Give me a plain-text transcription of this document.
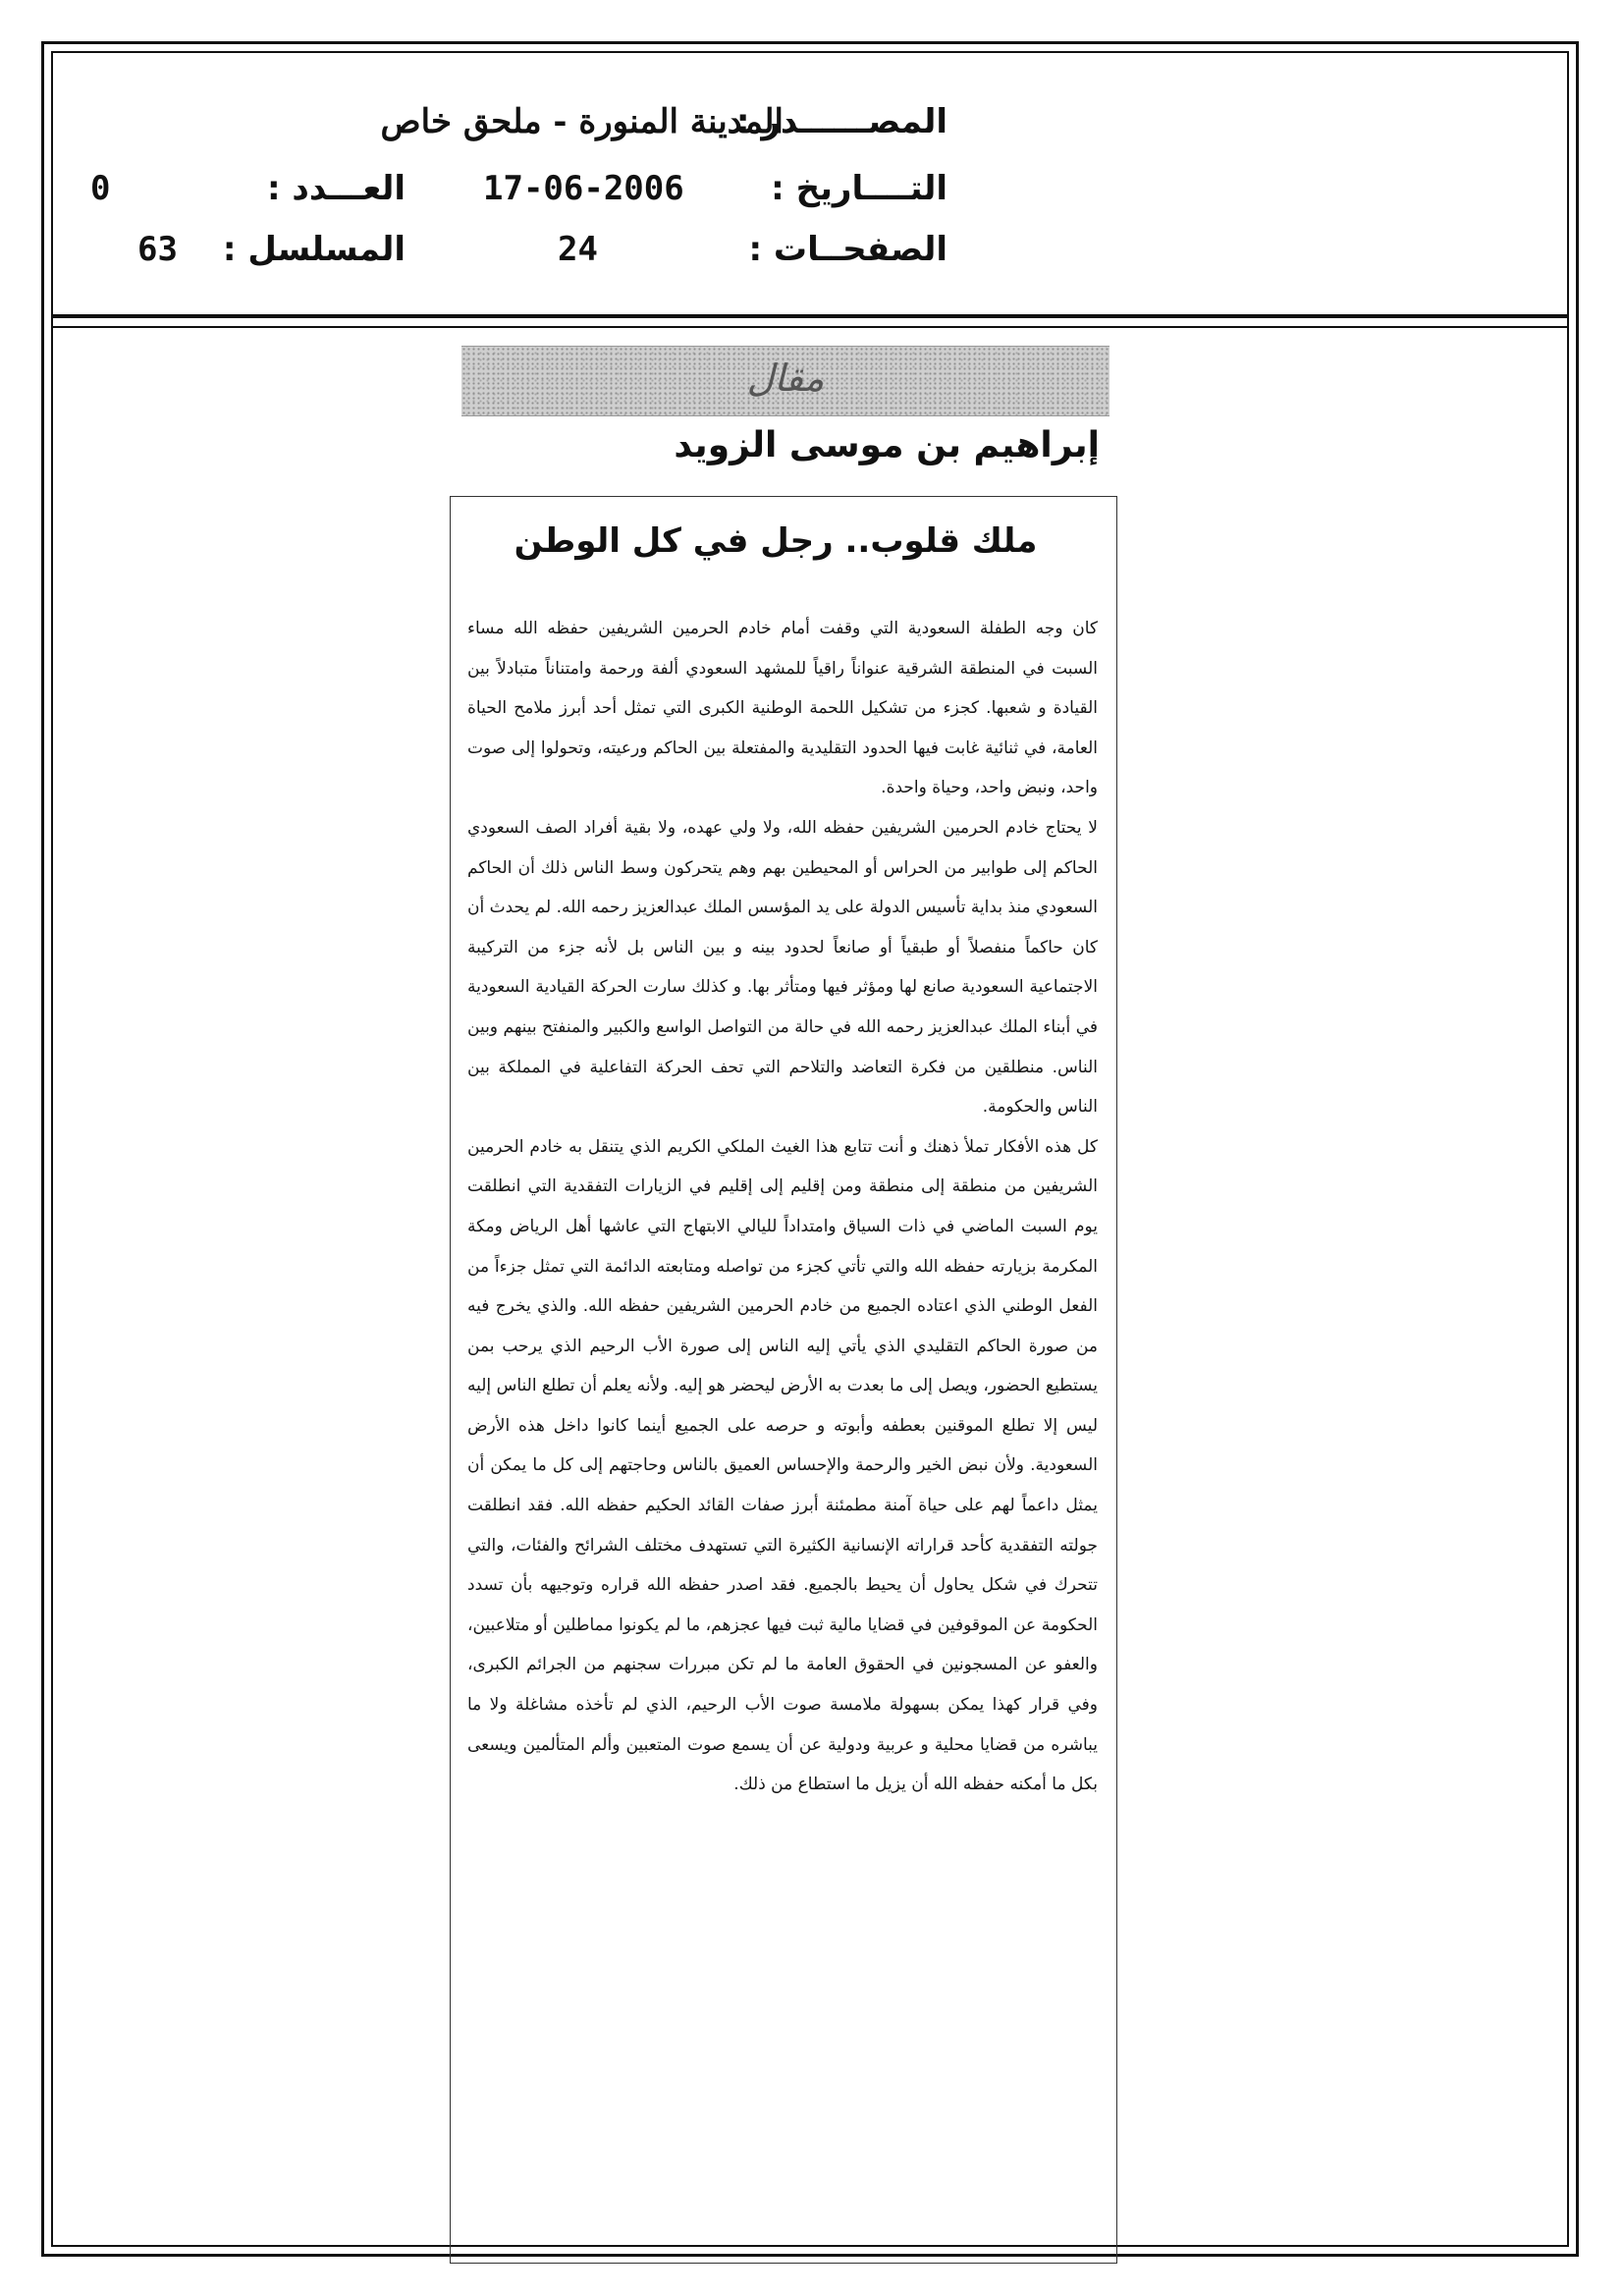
المصــــــدر :
المدينة المنورة - ملحق خاص
التــــاريخ :
17-06-2006
العـــدد :
0
الصفحــات :
24
المسلسل :
63
مقال
إبراهيم بن موسى الزويد
ملك قلوب.. رجل في كل الوطن

كان وجه الطفلة السعودية التي وقفت أمام خادم الحرمين الشريفين حفظه الله مساء السبت في المنطقة الشرقية عنواناً راقياً للمشهد السعودي ألفة ورحمة وامتناناً متبادلاً بين القيادة و شعبها. كجزء من تشكيل اللحمة الوطنية الكبرى التي تمثل أحد أبرز ملامح الحياة العامة، في ثنائية غابت فيها الحدود التقليدية والمفتعلة بين الحاكم ورعيته، وتحولوا إلى صوت واحد، ونبض واحد، وحياة واحدة.

لا يحتاج خادم الحرمين الشريفين حفظه الله، ولا ولي عهده، ولا بقية أفراد الصف السعودي الحاكم إلى طوابير من الحراس أو المحيطين بهم وهم يتحركون وسط الناس ذلك أن الحاكم السعودي منذ بداية تأسيس الدولة على يد المؤسس الملك عبدالعزيز رحمه الله. لم يحدث أن كان حاكماً منفصلاً أو طبقياً أو صانعاً لحدود بينه و بين الناس بل لأنه جزء من التركيبة الاجتماعية السعودية صانع لها ومؤثر فيها ومتأثر بها. و كذلك سارت الحركة القيادية السعودية في أبناء الملك عبدالعزيز رحمه الله في حالة من التواصل الواسع والكبير والمنفتح بينهم وبين الناس. منطلقين من فكرة التعاضد والتلاحم التي تحف الحركة التفاعلية في المملكة بين الناس والحكومة.

كل هذه الأفكار تملأ ذهنك و أنت تتابع هذا الغيث الملكي الكريم الذي يتنقل به خادم الحرمين الشريفين من منطقة إلى منطقة ومن إقليم إلى إقليم في الزيارات التفقدية التي انطلقت يوم السبت الماضي في ذات السياق وامتداداً لليالي الابتهاج التي عاشها أهل الرياض ومكة المكرمة بزيارته حفظه الله والتي تأتي كجزء من تواصله ومتابعته الدائمة التي تمثل جزءاً من الفعل الوطني الذي اعتاده الجميع من خادم الحرمين الشريفين حفظه الله. والذي يخرج فيه من صورة الحاكم التقليدي الذي يأتي إليه الناس إلى صورة الأب الرحيم الذي يرحب بمن يستطيع الحضور، ويصل إلى ما بعدت به الأرض ليحضر هو إليه. ولأنه يعلم أن تطلع الناس إليه ليس إلا تطلع الموقنين بعطفه وأبوته و حرصه على الجميع أينما كانوا داخل هذه الأرض السعودية. ولأن نبض الخير والرحمة والإحساس العميق بالناس وحاجتهم إلى كل ما يمكن أن يمثل داعماً لهم على حياة آمنة مطمئنة أبرز صفات القائد الحكيم حفظه الله. فقد انطلقت جولته التفقدية كأحد قراراته الإنسانية الكثيرة التي تستهدف مختلف الشرائح والفئات، والتي تتحرك في شكل يحاول أن يحيط بالجميع. فقد اصدر حفظه الله قراره وتوجيهه بأن تسدد الحكومة عن الموقوفين في قضايا مالية ثبت فيها عجزهم، ما لم يكونوا مماطلين أو متلاعبين، والعفو عن المسجونين في الحقوق العامة ما لم تكن مبررات سجنهم من الجرائم الكبرى، وفي قرار كهذا يمكن بسهولة ملامسة صوت الأب الرحيم، الذي لم تأخذه مشاغلة ولا ما يباشره من قضايا محلية و عربية ودولية عن أن يسمع صوت المتعبين وألم المتألمين ويسعى بكل ما أمكنه حفظه الله أن يزيل ما استطاع من ذلك.
